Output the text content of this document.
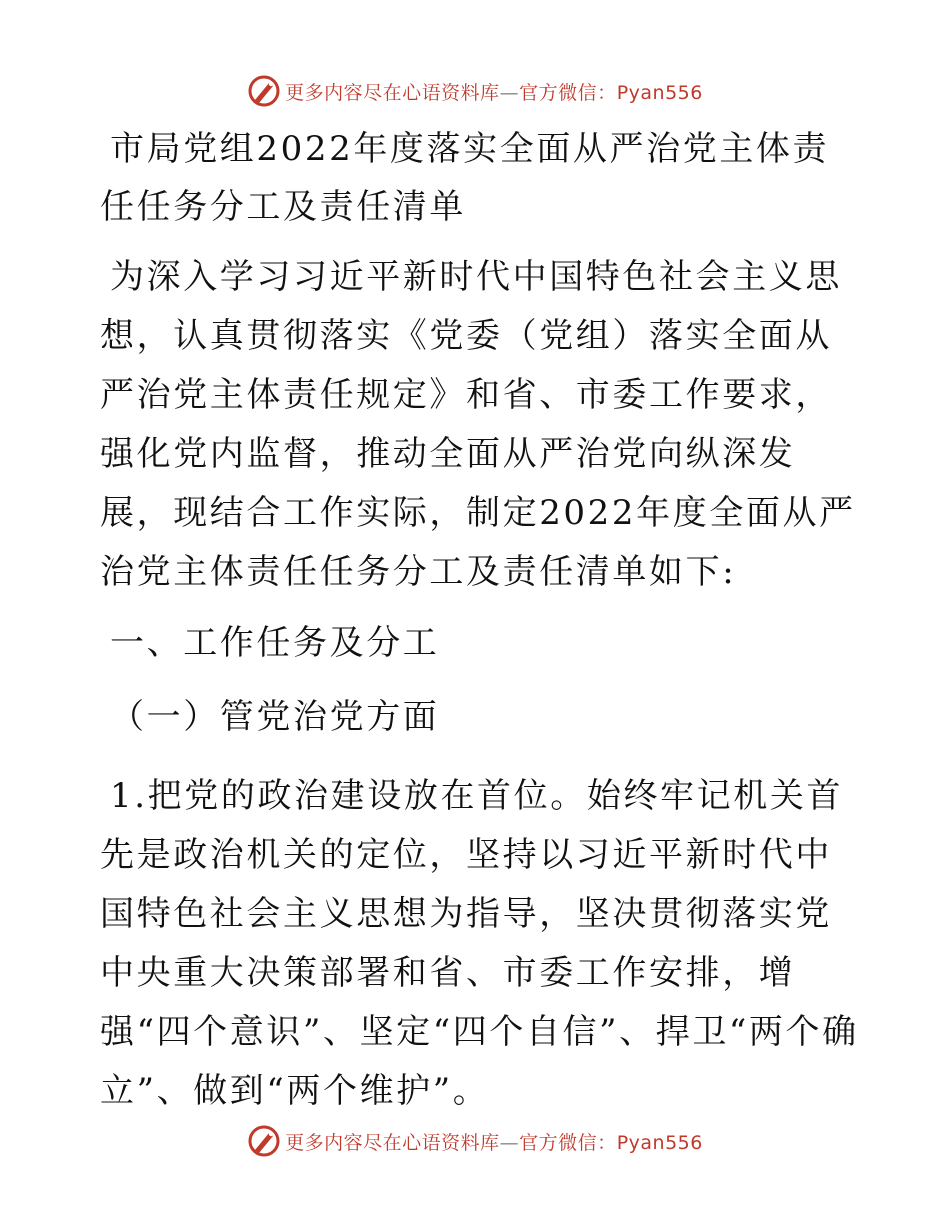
更多内容尽在心语资料库—官方微信：Pyan556
市局党组2022年度落实全面从严治党主体责任任务分工及责任清单

为深入学习习近平新时代中国特色社会主义思想，认真贯彻落实《党委（党组）落实全面从严治党主体责任规定》和省、市委工作要求，强化党内监督，推动全面从严治党向纵深发展，现结合工作实际，制定2022年度全面从严治党主体责任任务分工及责任清单如下:

一、工作任务及分工

（一）管党治党方面

1.把党的政治建设放在首位。始终牢记机关首先是政治机关的定位，坚持以习近平新时代中国特色社会主义思想为指导，坚决贯彻落实党中央重大决策部署和省、市委工作安排，增强“四个意识”、坚定“四个自信”、捍卫“两个确立”、做到“两个维护”。

更多内容尽在心语资料库—官方微信：Pyan556
